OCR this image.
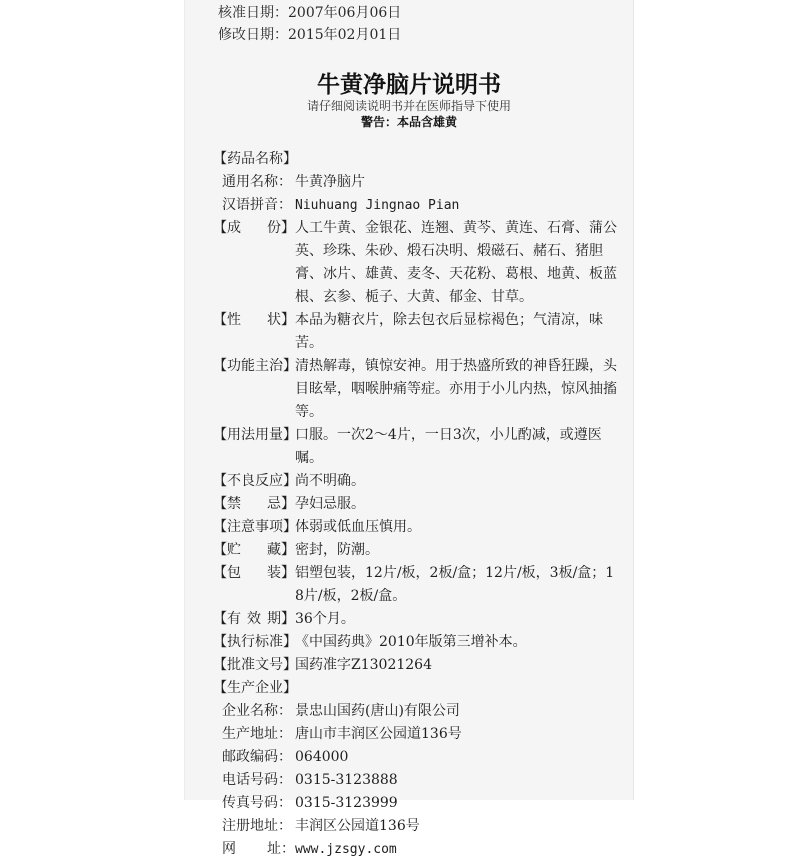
核准日期：2007年06月06日
修改日期：2015年02月01日
牛黄净脑片说明书
请仔细阅读说明书并在医师指导下使用
警告：本品含雄黄
【药品名称】
通用名称： 牛黄净脑片
汉语拼音： Niuhuang Jingnao Pian
【成 份】 人工牛黄、金银花、连翘、黄芩、黄连、石膏、蒲公英、珍珠、朱砂、煅石决明、煅磁石、赭石、猪胆膏、冰片、雄黄、麦冬、天花粉、葛根、地黄、板蓝根、玄参、栀子、大黄、郁金、甘草。
【性 状】 本品为糖衣片，除去包衣后显棕褐色；气清凉，味苦。
【功能主治】
清热解毒，镇惊安神。用于热盛所致的神昏狂躁，头目眩晕，咽喉肿痛等症。亦用于小儿内热，惊风抽搐等。
【用法用量】
口服。一次2～4片，一日3次，小儿酌减，或遵医嘱。
【不良反应】
尚不明确。
【禁 忌】 孕妇忌服。
【注意事项】
体弱或低血压慎用。
【贮 藏】 密封，防潮。
【包 装】 铝塑包装，12片/板，2板/盒；12片/板，3板/盒；18片/板，2板/盒。
【有 效 期】 36个月。
【执行标准】
《中国药典》2010年版第三增补本。
【批准文号】
国药准字Z13021264
【生产企业】
企业名称： 景忠山国药(唐山)有限公司
生产地址： 唐山市丰润区公园道136号
邮政编码： 064000
电话号码： 0315-3123888
传真号码： 0315-3123999
注册地址： 丰润区公园道136号
网 址： www.jzsgy.com
